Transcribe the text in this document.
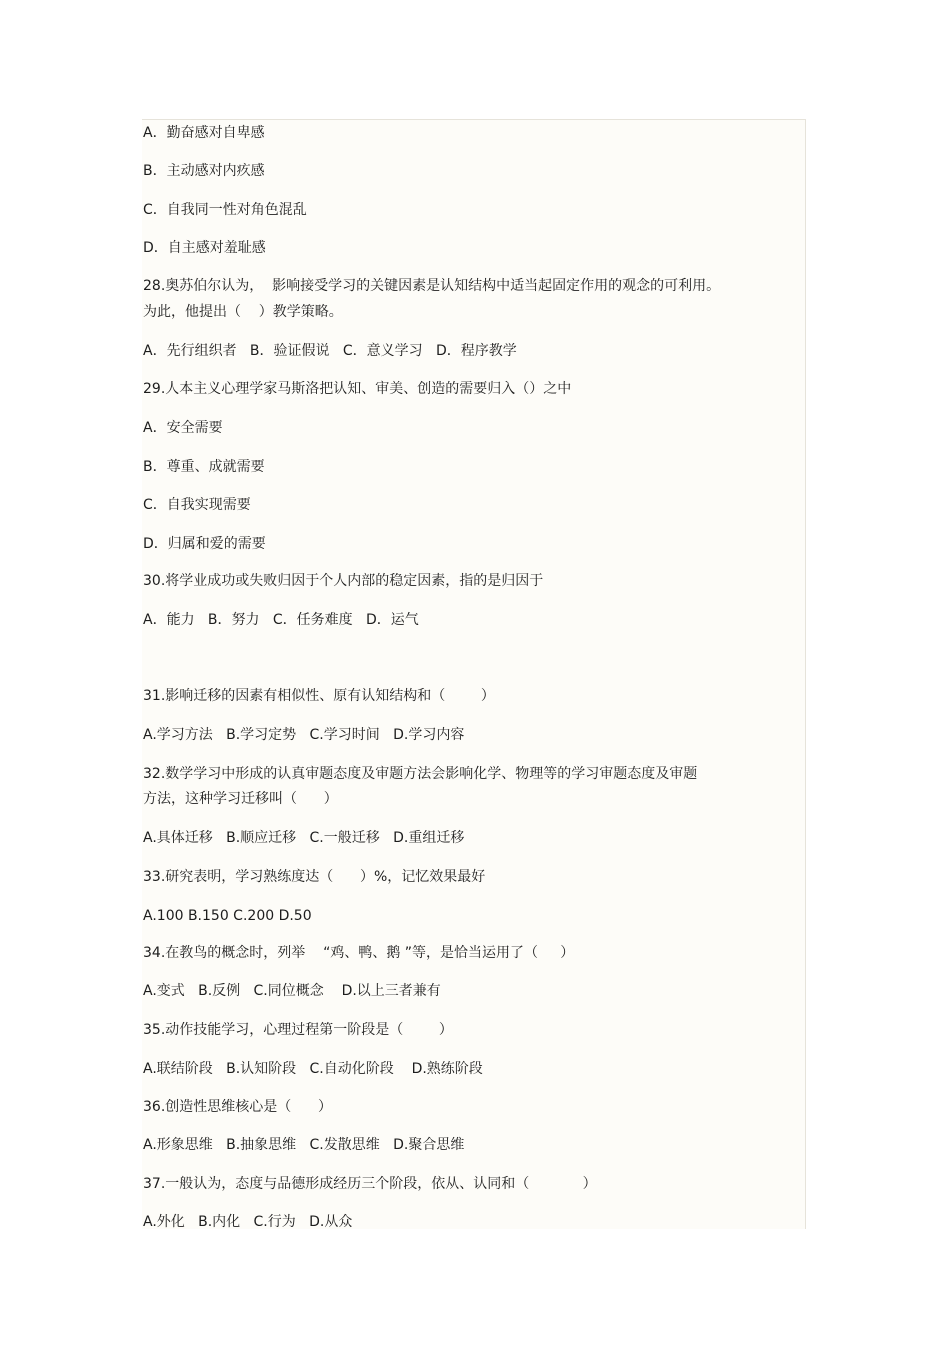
A．勤奋感对自卑感
B．主动感对内疚感
C．自我同一性对角色混乱
D．自主感对羞耻感
28.奥苏伯尔认为，  影响接受学习的关键因素是认知结构中适当起固定作用的观念的可利用。
为此，他提出（    ）教学策略。
A．先行组织者   B．验证假说   C．意义学习   D．程序教学
29.人本主义心理学家马斯洛把认知、审美、创造的需要归入（）之中
A．安全需要
B．尊重、成就需要
C．自我实现需要
D．归属和爱的需要
30.将学业成功或失败归因于个人内部的稳定因素，指的是归因于
A．能力   B．努力   C．任务难度   D．运气
31.影响迁移的因素有相似性、原有认知结构和（        ）
A.学习方法   B.学习定势   C.学习时间   D.学习内容
32.数学学习中形成的认真审题态度及审题方法会影响化学、物理等的学习审题态度及审题
方法，这种学习迁移叫（      ）
A.具体迁移   B.顺应迁移   C.一般迁移   D.重组迁移
33.研究表明，学习熟练度达（      ）%，记忆效果最好
A.100 B.150 C.200 D.50
34.在教鸟的概念时，列举    “鸡、鸭、鹅 ”等，是恰当运用了（     ）
A.变式   B.反例   C.同位概念    D.以上三者兼有
35.动作技能学习，心理过程第一阶段是（        ）
A.联结阶段   B.认知阶段   C.自动化阶段    D.熟练阶段
36.创造性思维核心是（      ）
A.形象思维   B.抽象思维   C.发散思维   D.聚合思维
37.一般认为，态度与品德形成经历三个阶段，依从、认同和（            ）
A.外化   B.内化   C.行为   D.从众
